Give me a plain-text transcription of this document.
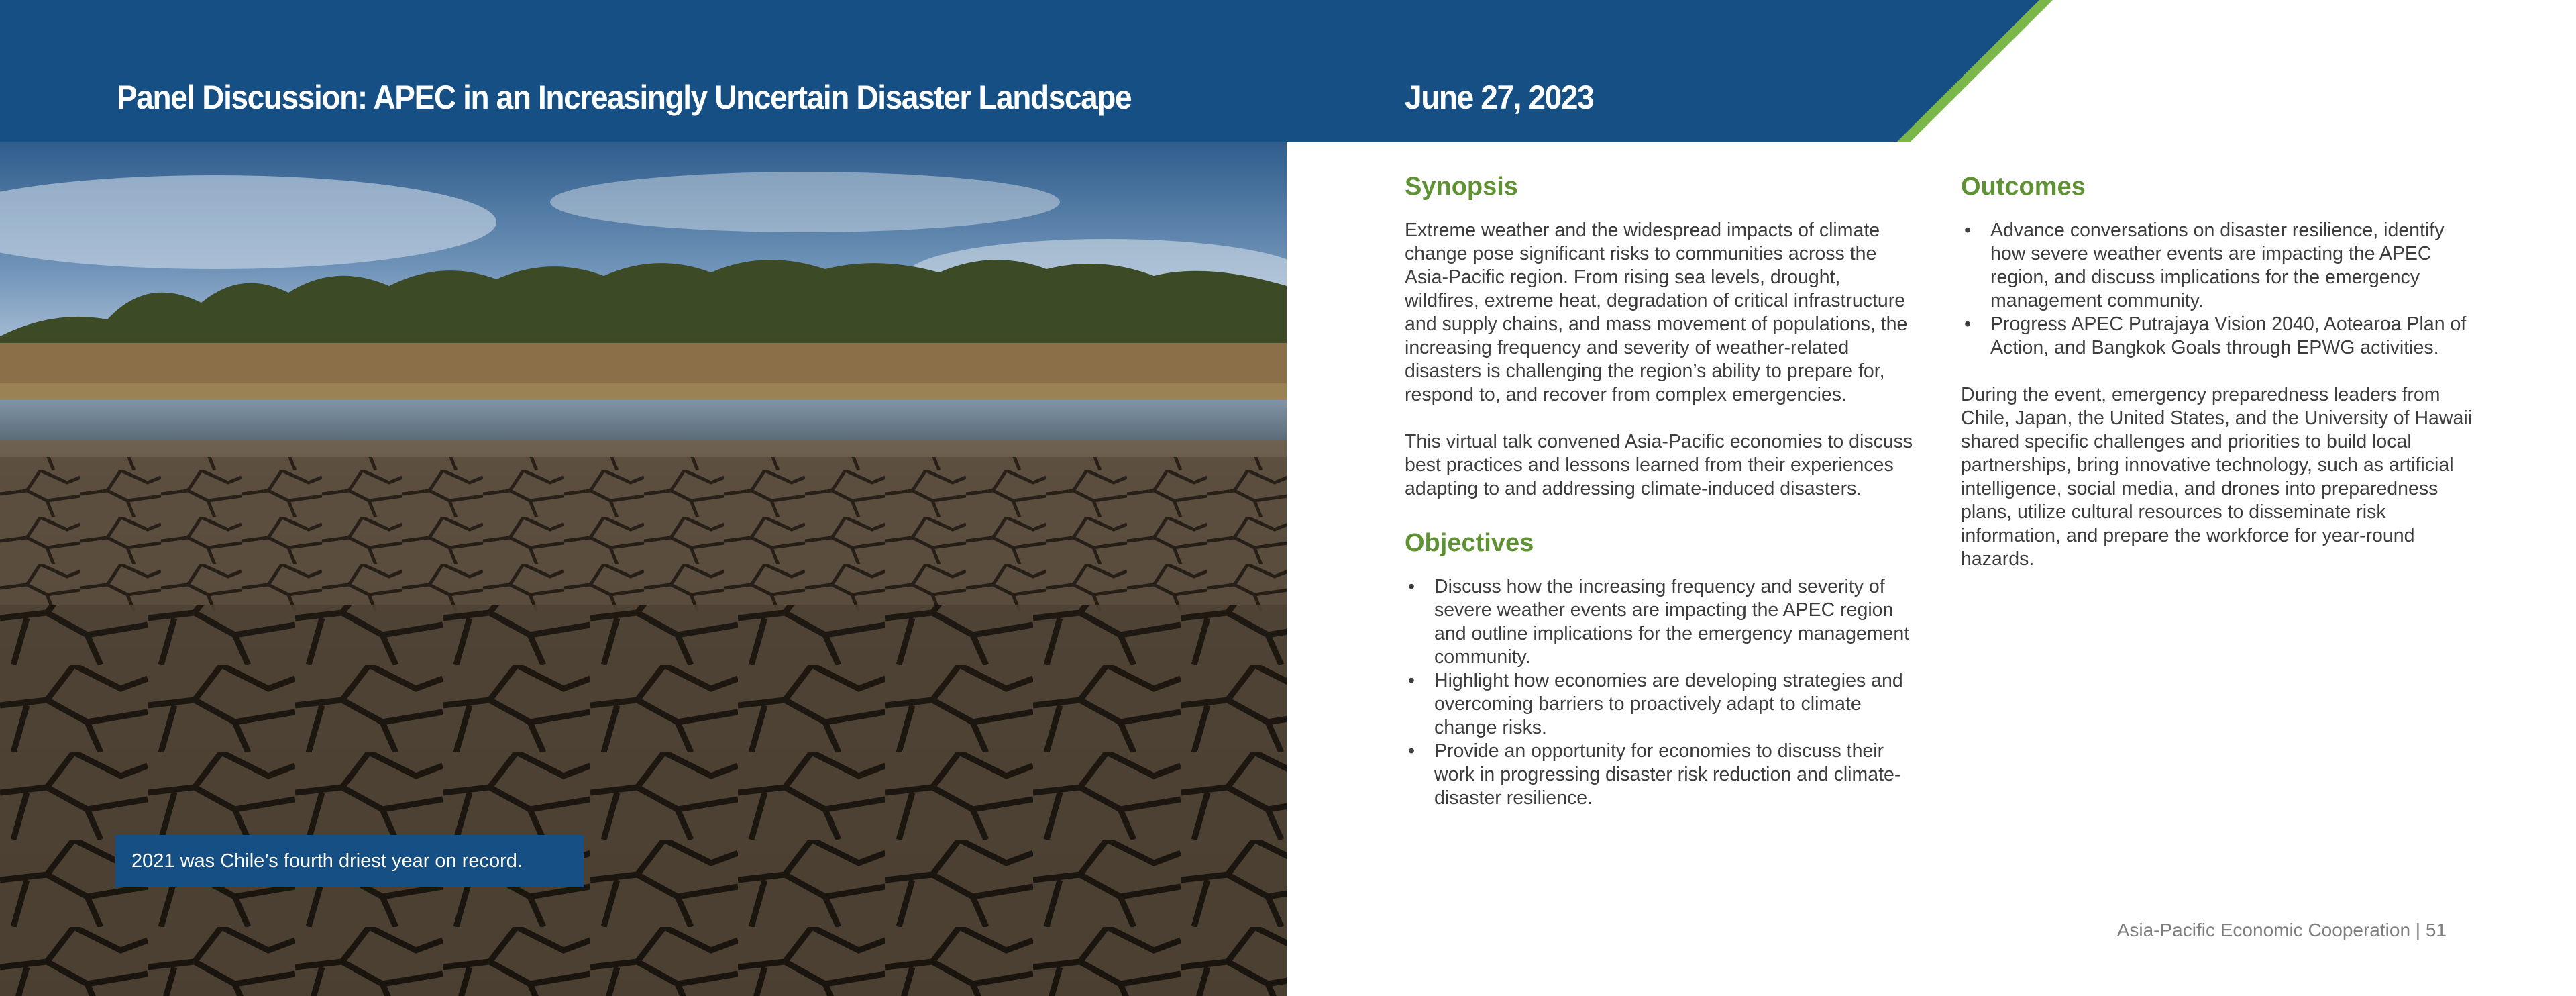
Panel Discussion: APEC in an Increasingly Uncertain Disaster Landscape	June 27, 2023
2021 was Chile’s fourth driest year on record.
Synopsis

Extreme weather and the widespread impacts of climate change pose significant risks to communities across the Asia-Pacific region. From rising sea levels, drought, wildfires, extreme heat, degradation of critical infrastructure and supply chains, and mass movement of populations, the increasing frequency and severity of weather-related disasters is challenging the region’s ability to prepare for, respond to, and recover from complex emergencies.

This virtual talk convened Asia-Pacific economies to discuss best practices and lessons learned from their experiences adapting to and addressing climate-induced disasters.

Objectives
• Discuss how the increasing frequency and severity of severe weather events are impacting the APEC region and outline implications for the emergency management community.
• Highlight how economies are developing strategies and overcoming barriers to proactively adapt to climate change risks.
• Provide an opportunity for economies to discuss their work in progressing disaster risk reduction and climate-disaster resilience.
Outcomes
• Advance conversations on disaster resilience, identify how severe weather events are impacting the APEC region, and discuss implications for the emergency management community.
• Progress APEC Putrajaya Vision 2040, Aotearoa Plan of Action, and Bangkok Goals through EPWG activities.

During the event, emergency preparedness leaders from Chile, Japan, the United States, and the University of Hawaii shared specific challenges and priorities to build local partnerships, bring innovative technology, such as artificial intelligence, social media, and drones into preparedness plans, utilize cultural resources to disseminate risk information, and prepare the workforce for year-round hazards.

Asia-Pacific Economic Cooperation | 51
